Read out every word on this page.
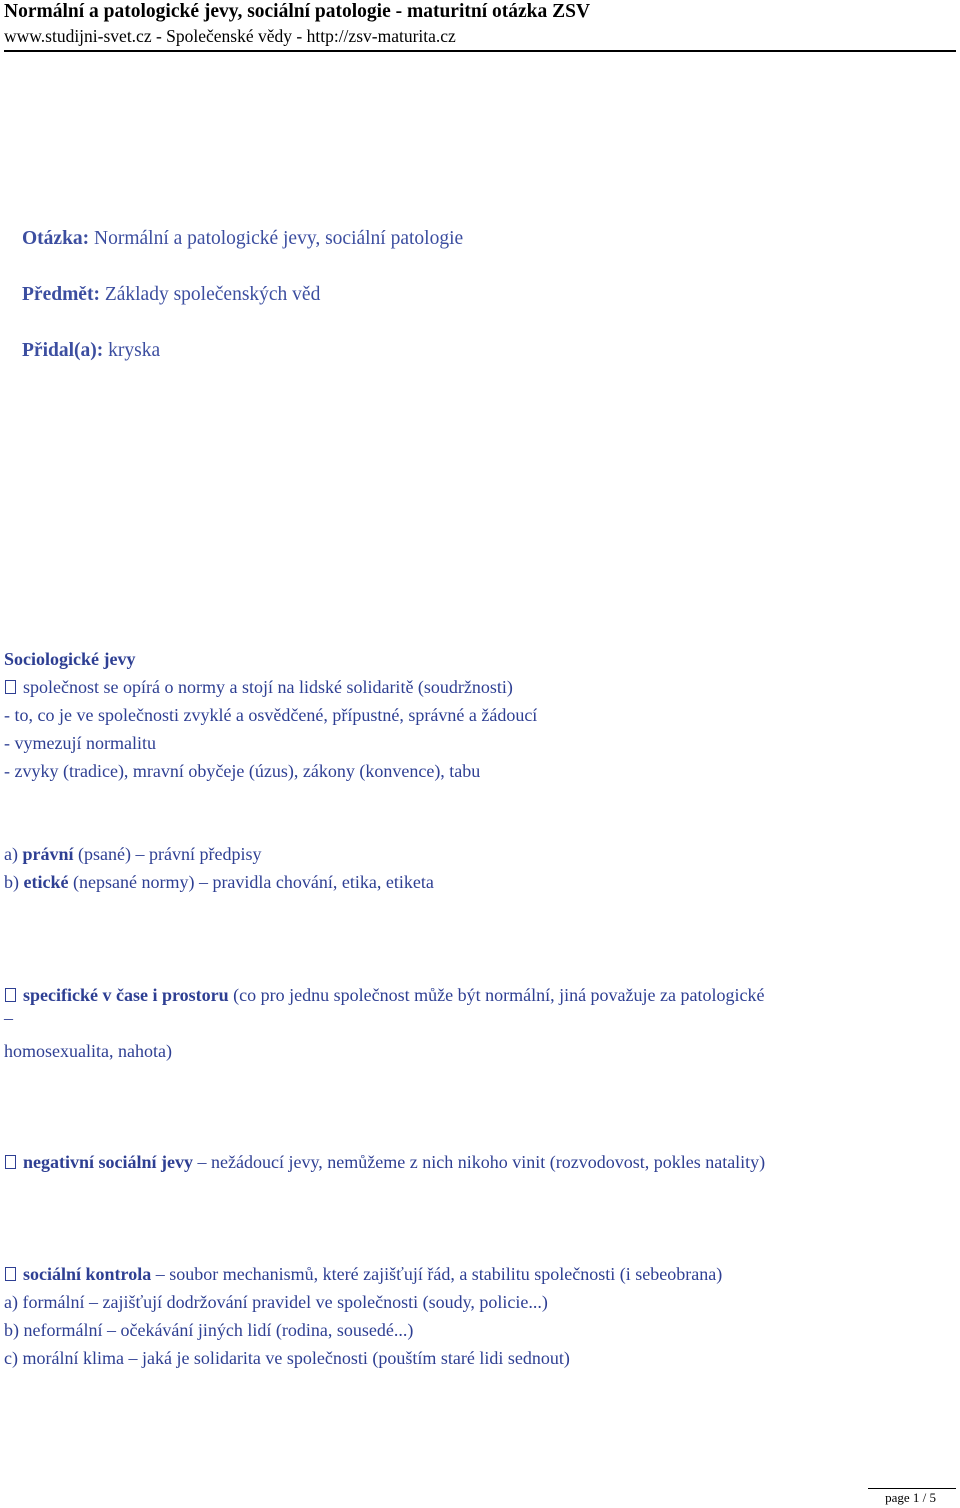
Normální a patologické jevy, sociální patologie - maturitní otázka ZSV
www.studijni-svet.cz - Společenské vědy - http://zsv-maturita.cz
Otázka: Normální a patologické jevy, sociální patologie
Předmět: Základy společenských věd
Přidal(a): kryska
Sociologické jevy
společnost se opírá o normy a stojí na lidské solidaritě (soudržnosti)
- to, co je ve společnosti zvyklé a osvědčené, přípustné, správné a žádoucí
- vymezují normalitu
- zvyky (tradice), mravní obyčeje (úzus), zákony (konvence), tabu
a) právní (psané) – právní předpisy
b) etické (nepsané normy) – pravidla chování, etika, etiketa
specifické v čase i prostoru (co pro jednu společnost může být normální, jiná považuje za patologické
–
homosexualita, nahota)
negativní sociální jevy – nežádoucí jevy, nemůžeme z nich nikoho vinit (rozvodovost, pokles natality)
sociální kontrola – soubor mechanismů, které zajišťují řád, a stabilitu společnosti (i sebeobrana)
a) formální – zajišťují dodržování pravidel ve společnosti (soudy, policie...)
b) neformální – očekávání jiných lidí (rodina, sousedé...)
c) morální klima – jaká je solidarita ve společnosti (pouštím staré lidi sednout)
page 1 / 5
